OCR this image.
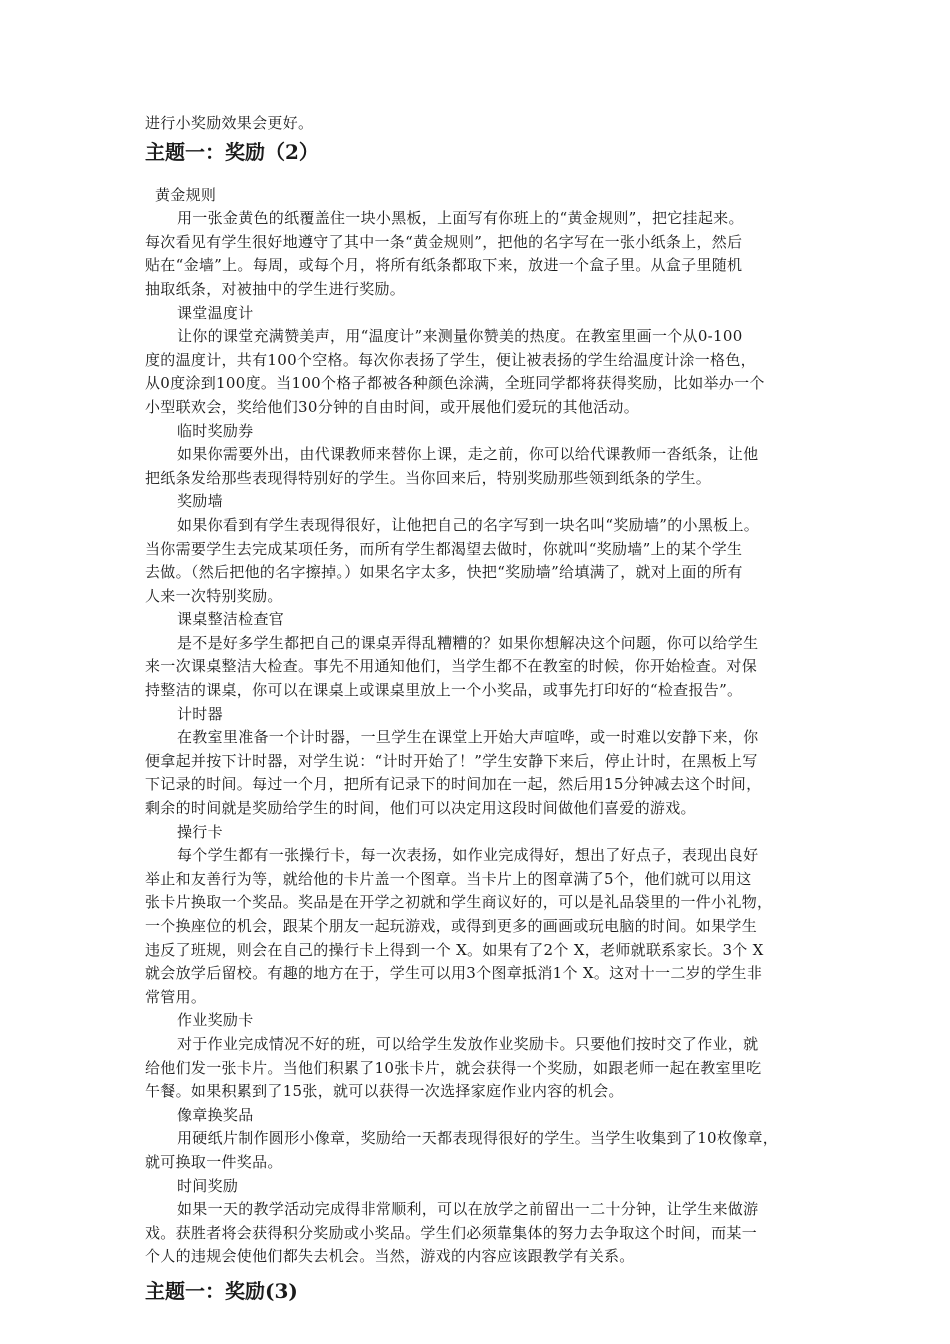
进行小奖励效果会更好。

主题一：奖励（2）

黄金规则

用一张金黄色的纸覆盖住一块小黑板，上面写有你班上的“黄金规则”，把它挂起来。

每次看见有学生很好地遵守了其中一条“黄金规则”，把他的名字写在一张小纸条上，然后

贴在“金墙”上。每周，或每个月，将所有纸条都取下来，放进一个盒子里。从盒子里随机

抽取纸条，对被抽中的学生进行奖励。

课堂温度计

让你的课堂充满赞美声，用“温度计”来测量你赞美的热度。在教室里画一个从0-100

度的温度计，共有100个空格。每次你表扬了学生，便让被表扬的学生给温度计涂一格色，

从0度涂到100度。当100个格子都被各种颜色涂满，全班同学都将获得奖励，比如举办一个

小型联欢会，奖给他们30分钟的自由时间，或开展他们爱玩的其他活动。

临时奖励券

如果你需要外出，由代课教师来替你上课，走之前，你可以给代课教师一沓纸条，让他

把纸条发给那些表现得特别好的学生。当你回来后，特别奖励那些领到纸条的学生。

奖励墙

如果你看到有学生表现得很好，让他把自己的名字写到一块名叫“奖励墙”的小黑板上。

当你需要学生去完成某项任务，而所有学生都渴望去做时，你就叫“奖励墙”上的某个学生

去做。（然后把他的名字擦掉。）如果名字太多，快把“奖励墙”给填满了，就对上面的所有

人来一次特别奖励。

课桌整洁检查官

是不是好多学生都把自己的课桌弄得乱糟糟的？如果你想解决这个问题，你可以给学生

来一次课桌整洁大检查。事先不用通知他们，当学生都不在教室的时候，你开始检查。对保

持整洁的课桌，你可以在课桌上或课桌里放上一个小奖品，或事先打印好的“检查报告”。

计时器

在教室里准备一个计时器，一旦学生在课堂上开始大声喧哗，或一时难以安静下来，你

便拿起并按下计时器，对学生说：“计时开始了！”学生安静下来后，停止计时，在黑板上写

下记录的时间。每过一个月，把所有记录下的时间加在一起，然后用15分钟减去这个时间，

剩余的时间就是奖励给学生的时间，他们可以决定用这段时间做他们喜爱的游戏。

操行卡

每个学生都有一张操行卡，每一次表扬，如作业完成得好，想出了好点子，表现出良好

举止和友善行为等，就给他的卡片盖一个图章。当卡片上的图章满了5个，他们就可以用这

张卡片换取一个奖品。奖品是在开学之初就和学生商议好的，可以是礼品袋里的一件小礼物，

一个换座位的机会，跟某个朋友一起玩游戏，或得到更多的画画或玩电脑的时间。如果学生

违反了班规，则会在自己的操行卡上得到一个 X。如果有了2个 X，老师就联系家长。3个 X

就会放学后留校。有趣的地方在于，学生可以用3个图章抵消1个 X。这对十一二岁的学生非

常管用。

作业奖励卡

对于作业完成情况不好的班，可以给学生发放作业奖励卡。只要他们按时交了作业，就

给他们发一张卡片。当他们积累了10张卡片，就会获得一个奖励，如跟老师一起在教室里吃

午餐。如果积累到了15张，就可以获得一次选择家庭作业内容的机会。

像章换奖品

用硬纸片制作圆形小像章，奖励给一天都表现得很好的学生。当学生收集到了10枚像章，

就可换取一件奖品。

时间奖励

如果一天的教学活动完成得非常顺利，可以在放学之前留出一二十分钟，让学生来做游

戏。获胜者将会获得积分奖励或小奖品。学生们必须靠集体的努力去争取这个时间，而某一

个人的违规会使他们都失去机会。当然，游戏的内容应该跟教学有关系。

主题一：奖励(3)
